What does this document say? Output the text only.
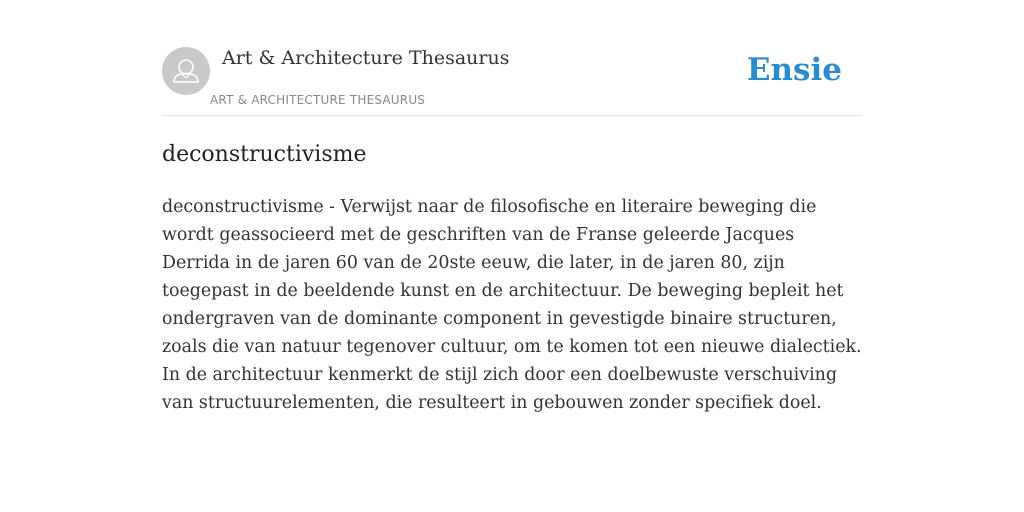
Art & Architecture Thesaurus
ART & ARCHITECTURE THESAURUS
Ensie
deconstructivisme

deconstructivisme - Verwijst naar de filosofische en literaire beweging die wordt geassocieerd met de geschriften van de Franse geleerde Jacques Derrida in de jaren 60 van de 20ste eeuw, die later, in de jaren 80, zijn toegepast in de beeldende kunst en de architectuur. De beweging bepleit het ondergraven van de dominante component in gevestigde binaire structuren, zoals die van natuur tegenover cultuur, om te komen tot een nieuwe dialectiek. In de architectuur kenmerkt de stijl zich door een doelbewuste verschuiving van structuurelementen, die resulteert in gebouwen zonder specifiek doel.
